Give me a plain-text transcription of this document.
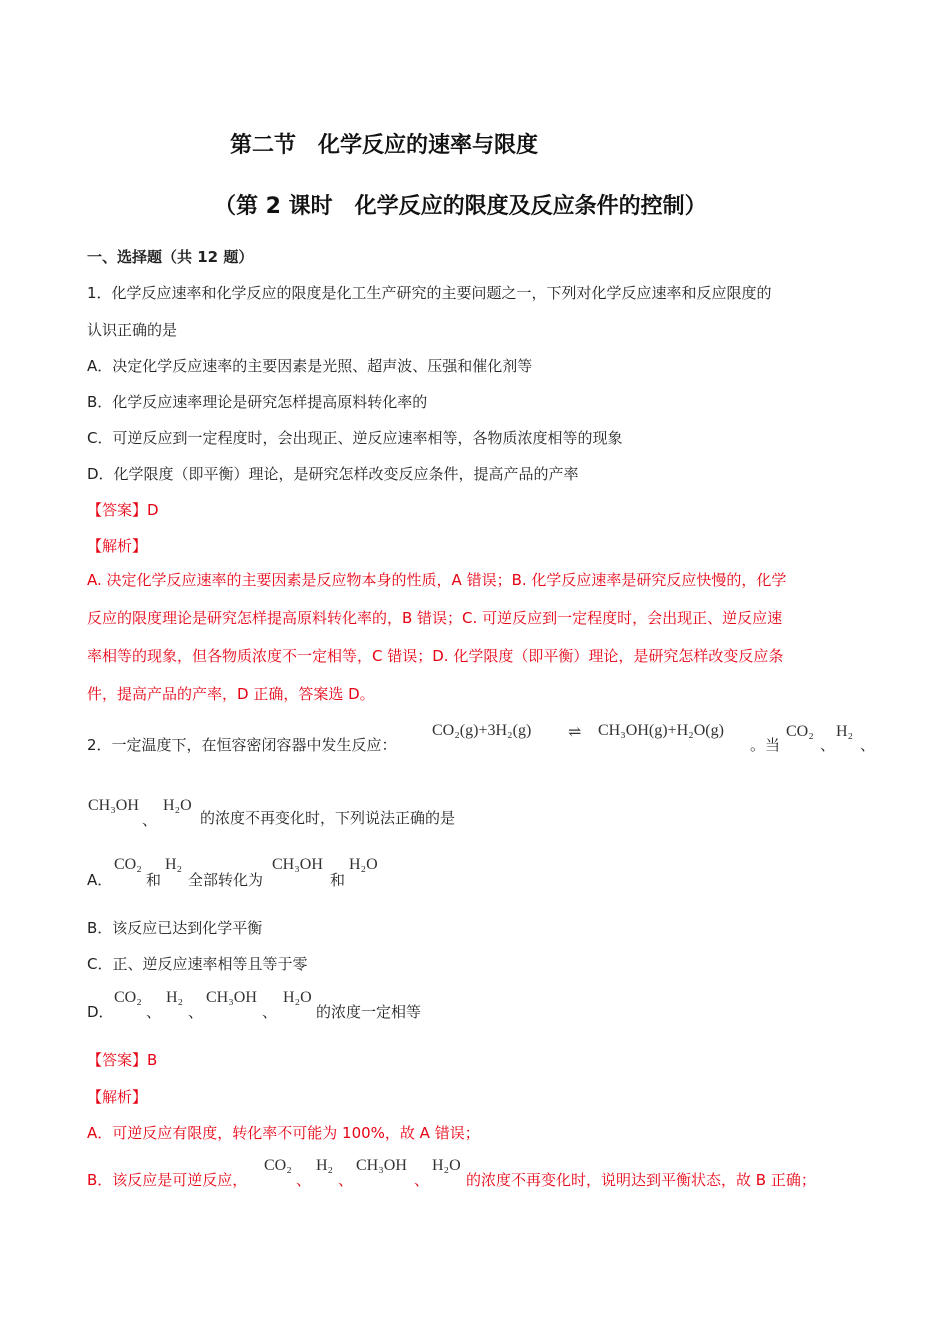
第二节　化学反应的速率与限度
（第 2 课时　化学反应的限度及反应条件的控制）
一、选择题（共 12 题）
1．化学反应速率和化学反应的限度是化工生产研究的主要问题之一，下列对化学反应速率和反应限度的
认识正确的是
A．决定化学反应速率的主要因素是光照、超声波、压强和催化剂等
B．化学反应速率理论是研究怎样提高原料转化率的
C．可逆反应到一定程度时，会出现正、逆反应速率相等，各物质浓度相等的现象
D．化学限度（即平衡）理论，是研究怎样改变反应条件，提高产品的产率
【答案】D
【解析】
A. 决定化学反应速率的主要因素是反应物本身的性质，A 错误；B. 化学反应速率是研究反应快慢的，化学
反应的限度理论是研究怎样提高原料转化率的，B 错误；C. 可逆反应到一定程度时，会出现正、逆反应速
率相等的现象，但各物质浓度不一定相等，C 错误；D. 化学限度（即平衡）理论，是研究怎样改变反应条
件，提高产品的产率，D 正确，答案选 D。
2．一定温度下，在恒容密闭容器中发生反应：
CO₂(g)+3H₂(g) ⇌ CH₃OH(g)+H₂O(g)
。当
CO₂
、
H₂
、
CH₃OH
、
H₂O
的浓度不再变化时，下列说法正确的是
A．
CO₂
和
H₂
全部转化为
CH₃OH
和
H₂O
B．该反应已达到化学平衡
C．正、逆反应速率相等且等于零
D．
CO₂
、
H₂
、
CH₃OH
、
H₂O
的浓度一定相等
【答案】B
【解析】
A．可逆反应有限度，转化率不可能为 100%，故 A 错误；
B．该反应是可逆反应，
CO₂
、
H₂
、
CH₃OH
、
H₂O
的浓度不再变化时，说明达到平衡状态，故 B 正确；
